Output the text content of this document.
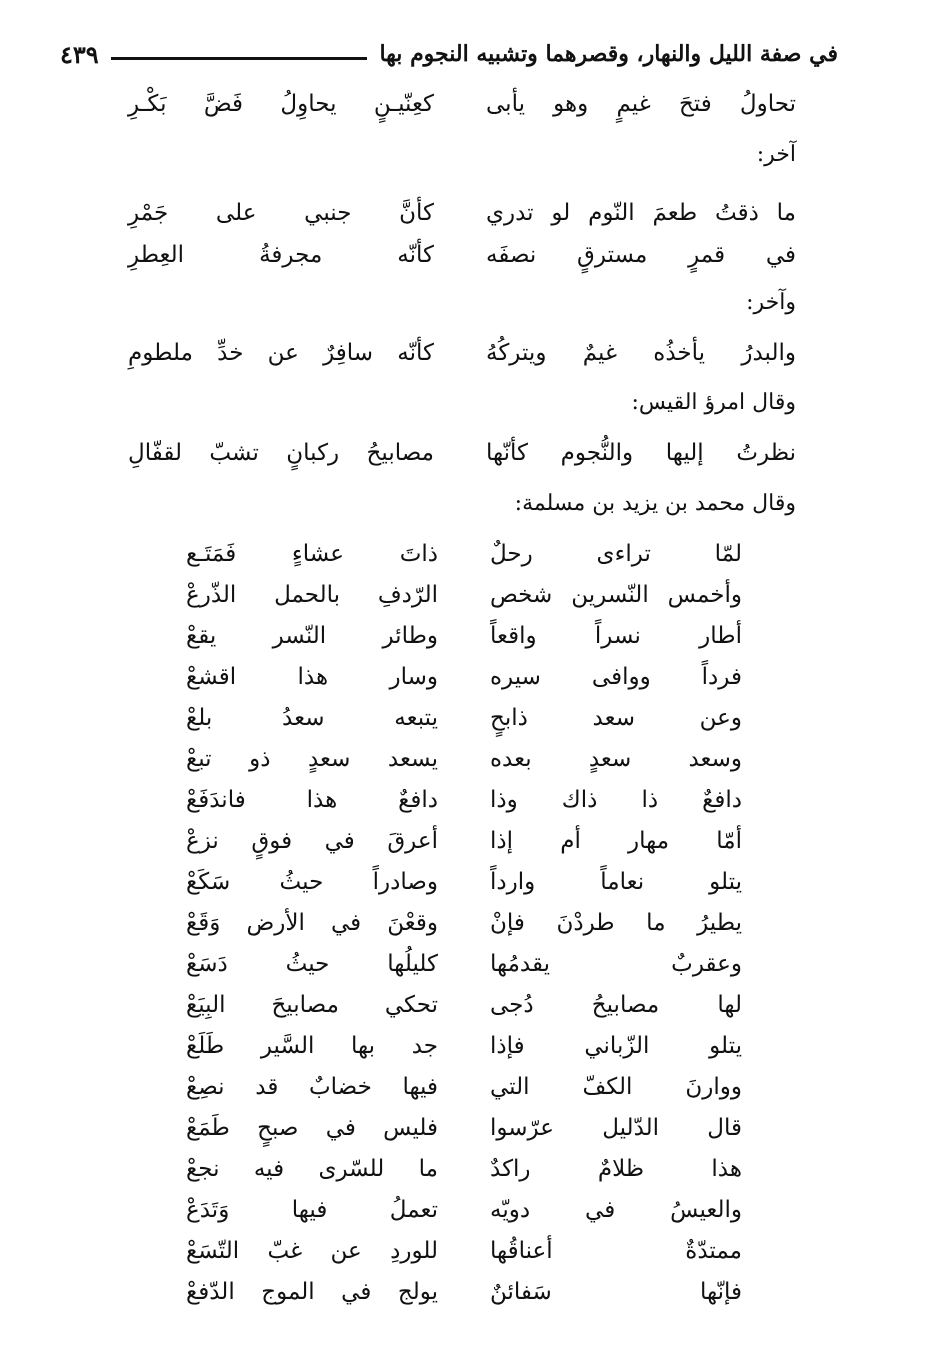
٤٣٩	في صفة الليل والنهار، وقصرهما وتشبيه النجوم بها
تحاولُ فتحَ غيمٍ وهو يأبى
كعِنّيـنٍ يحاوِلُ فَضَّ بَكْـرِ
آخر:
ما ذقتُ طعمَ النّوم لو تدري
كأنَّ جنبي على جَمْرِ
في قمرٍ مسترقٍ نصفَه
كأنّه مجرفةُ العِطرِ
وآخر:
والبدرُ يأخذُه غيمٌ ويتركُهُ
كأنّه سافِرٌ عن خدِّ ملطومِ
وقال امرؤ القيس:
نظرتُ إليها والنُّجوم كأنّها
مصابيحُ ركبانٍ تشبّ لقفّالِ
وقال محمد بن يزيد بن مسلمة:
لمّا تراءى رحلٌ
ذاتَ عشاءٍ فَمَتَـع
وأخمس النّسرين شخص
الرّدفِ بالحمل الذّرعْ
أطار نسراً واقعاً
وطائر النّسر يقعْ
فرداً ووافى سيره
وسار هذا اقشعْ
وعن سعد ذابحٍ
يتبعه سعدُ بلعْ
وسعد سعدٍ بعده
يسعد سعدٍ ذو تبعْ
دافعٌ ذا ذاك وذا
دافعٌ هذا فاندَفَعْ
أمّا مهار أم إذا
أعرقَ في فوقٍ نزعْ
يتلو نعاماً وارداً
وصادراً حيثُ سَكَعْ
يطيرُ ما طردْنَ فإنْ
وقعْنَ في الأرض وَقَعْ
وعقربٌ يقدمُها
كليلُها حيثُ دَسَعْ
لها مصابيحُ دُجى
تحكي مصابيحَ البِيَعْ
يتلو الزّباني فإذا
جد بها السَّير طَلَعْ
ووارنَ الكفّ التي
فيها خضابٌ قد نصِعْ
قال الدّليل عرّسوا
فليس في صبحٍ طَمَعْ
هذا ظلامٌ راكدٌ
ما للسّرى فيه نجعْ
والعيسُ في دويّه
تعملُ فيها وَتَدَعْ
ممتدّةٌ أعناقُها
للوردِ عن غبّ التّسَعْ
فإنّها سَفائنٌ
يولج في الموج الدّفعْ
